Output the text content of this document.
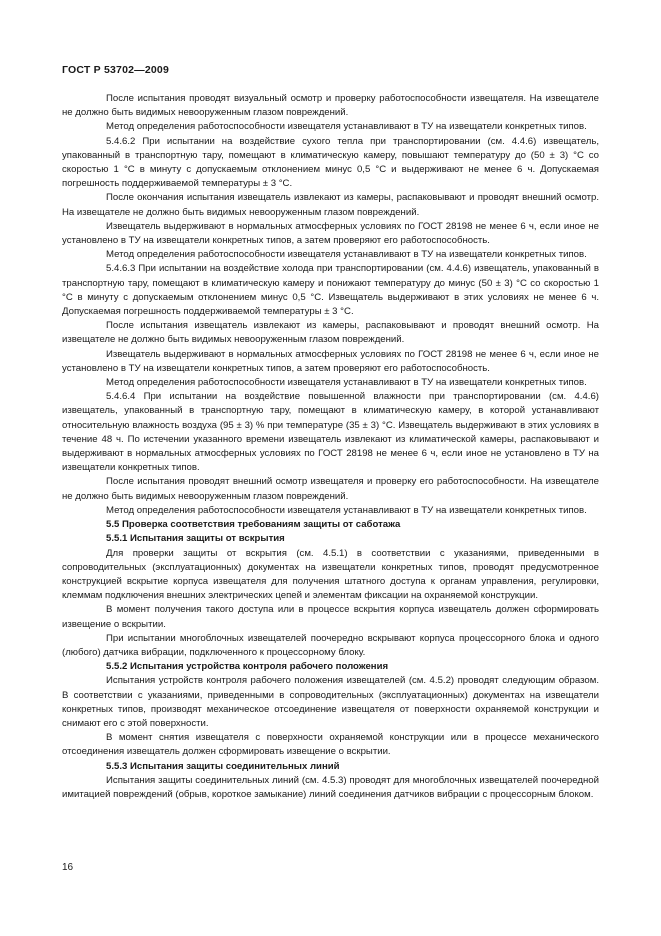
ГОСТ Р 53702—2009

После испытания проводят визуальный осмотр и проверку работоспособности извещателя. На извещателе не должно быть видимых невооруженным глазом повреждений.

Метод определения работоспособности извещателя устанавливают в ТУ на извещатели конкретных типов.

5.4.6.2 При испытании на воздействие сухого тепла при транспортировании (см. 4.4.6) извещатель, упакованный в транспортную тару, помещают в климатическую камеру, повышают температуру до (50 ± 3) °С со скоростью 1 °С в минуту с допускаемым отклонением минус 0,5 °С и выдерживают не менее 6 ч. Допускаемая погрешность поддерживаемой температуры ± 3 °С.

После окончания испытания извещатель извлекают из камеры, распаковывают и проводят внешний осмотр. На извещателе не должно быть видимых невооруженным глазом повреждений.

Извещатель выдерживают в нормальных атмосферных условиях по ГОСТ 28198 не менее 6 ч, если иное не установлено в ТУ на извещатели конкретных типов, а затем проверяют его работоспособность.

Метод определения работоспособности извещателя устанавливают в ТУ на извещатели конкретных типов.

5.4.6.3 При испытании на воздействие холода при транспортировании (см. 4.4.6) извещатель, упакованный в транспортную тару, помещают в климатическую камеру и понижают температуру до минус (50 ± 3) °С со скоростью 1 °С в минуту с допускаемым отклонением минус 0,5 °С. Извещатель выдерживают в этих условиях не менее 6 ч. Допускаемая погрешность поддерживаемой температуры ± 3 °С.

После испытания извещатель извлекают из камеры, распаковывают и проводят внешний осмотр. На извещателе не должно быть видимых невооруженным глазом повреждений.

Извещатель выдерживают в нормальных атмосферных условиях по ГОСТ 28198 не менее 6 ч, если иное не установлено в ТУ на извещатели конкретных типов, а затем проверяют его работоспособность.

Метод определения работоспособности извещателя устанавливают в ТУ на извещатели конкретных типов.

5.4.6.4 При испытании на воздействие повышенной влажности при транспортировании (см. 4.4.6) извещатель, упакованный в транспортную тару, помещают в климатическую камеру, в которой устанавливают относительную влажность воздуха (95 ± 3) % при температуре (35 ± 3) °С. Извещатель выдерживают в этих условиях в течение 48 ч. По истечении указанного времени извещатель извлекают из климатической камеры, распаковывают и выдерживают в нормальных атмосферных условиях по ГОСТ 28198 не менее 6 ч, если иное не установлено в ТУ на извещатели конкретных типов.

После испытания проводят внешний осмотр извещателя и проверку его работоспособности. На извещателе не должно быть видимых невооруженным глазом повреждений.

Метод определения работоспособности извещателя устанавливают в ТУ на извещатели конкретных типов.

5.5 Проверка соответствия требованиям защиты от саботажа

5.5.1 Испытания защиты от вскрытия

Для проверки защиты от вскрытия (см. 4.5.1) в соответствии с указаниями, приведенными в сопроводительных (эксплуатационных) документах на извещатели конкретных типов, проводят предусмотренное конструкцией вскрытие корпуса извещателя для получения штатного доступа к органам управления, регулировки, клеммам подключения внешних электрических цепей и элементам фиксации на охраняемой конструкции.

В момент получения такого доступа или в процессе вскрытия корпуса извещатель должен сформировать извещение о вскрытии.

При испытании многоблочных извещателей поочередно вскрывают корпуса процессорного блока и одного (любого) датчика вибрации, подключенного к процессорному блоку.

5.5.2 Испытания устройства контроля рабочего положения

Испытания устройств контроля рабочего положения извещателей (см. 4.5.2) проводят следующим образом. В соответствии с указаниями, приведенными в сопроводительных (эксплуатационных) документах на извещатели конкретных типов, производят механическое отсоединение извещателя от поверхности охраняемой конструкции и снимают его с этой поверхности.

В момент снятия извещателя с поверхности охраняемой конструкции или в процессе механического отсоединения извещатель должен сформировать извещение о вскрытии.

5.5.3 Испытания защиты соединительных линий

Испытания защиты соединительных линий (см. 4.5.3) проводят для многоблочных извещателей поочередной имитацией повреждений (обрыв, короткое замыкание) линий соединения датчиков вибрации с процессорным блоком.

16
